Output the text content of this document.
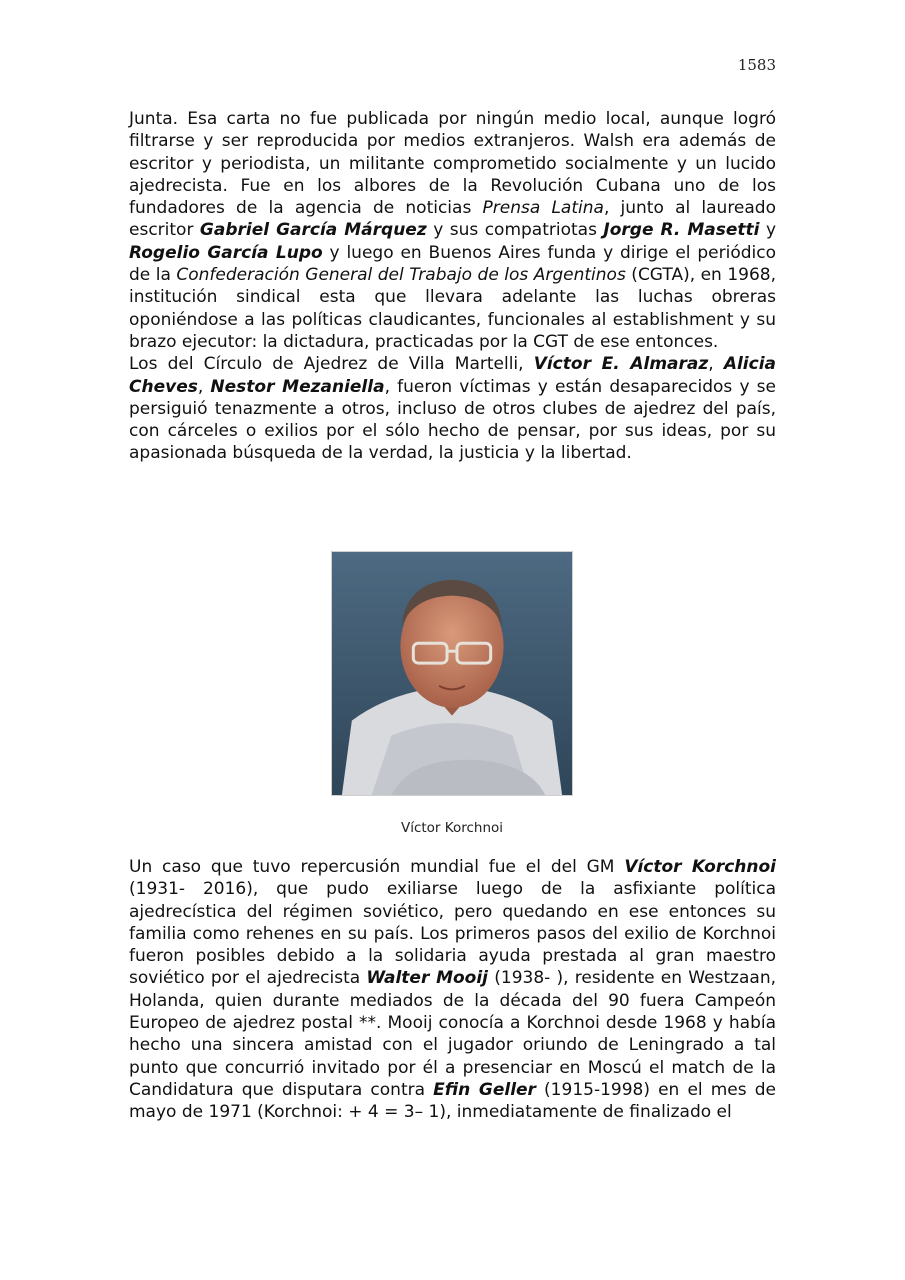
1583

Junta. Esa carta no fue publicada por ningún medio local, aunque logró filtrarse y ser reproducida por medios extranjeros. Walsh era además de escritor y periodista, un militante comprometido socialmente y un lucido ajedrecista. Fue en los albores de la Revolución Cubana uno de los fundadores de la agencia de noticias Prensa Latina, junto al laureado escritor Gabriel García Márquez y sus compatriotas Jorge R. Masetti y Rogelio García Lupo y luego en Buenos Aires funda y dirige el periódico de la Confederación General del Trabajo de los Argentinos (CGTA), en 1968, institución sindical esta que llevara adelante las luchas obreras oponiéndose a las políticas claudicantes, funcionales al establishment y su brazo ejecutor: la dictadura, practicadas por la CGT de ese entonces.

Los del Círculo de Ajedrez de Villa Martelli, Víctor E. Almaraz, Alicia Cheves, Nestor Mezaniella, fueron víctimas y están desaparecidos y se persiguió tenazmente a otros, incluso de otros clubes de ajedrez del país, con cárceles o exilios por el sólo hecho de pensar, por sus ideas, por su apasionada búsqueda de la verdad, la justicia y la libertad.

Víctor Korchnoi

Un caso que tuvo repercusión mundial fue el del GM Víctor Korchnoi (1931- 2016), que pudo exiliarse luego de la asfixiante política ajedrecística del régimen soviético, pero quedando en ese entonces su familia como rehenes en su país. Los primeros pasos del exilio de Korchnoi fueron posibles debido a la solidaria ayuda prestada al gran maestro soviético por el ajedrecista Walter Mooij (1938- ), residente en Westzaan, Holanda, quien durante mediados de la década del 90 fuera Campeón Europeo de ajedrez postal **. Mooij conocía a Korchnoi desde 1968 y había hecho una sincera amistad con el jugador oriundo de Leningrado a tal punto que concurrió invitado por él a presenciar en Moscú el match de la Candidatura que disputara contra Efin Geller (1915-1998) en el mes de mayo de 1971 (Korchnoi: + 4 = 3– 1), inmediatamente de finalizado el
